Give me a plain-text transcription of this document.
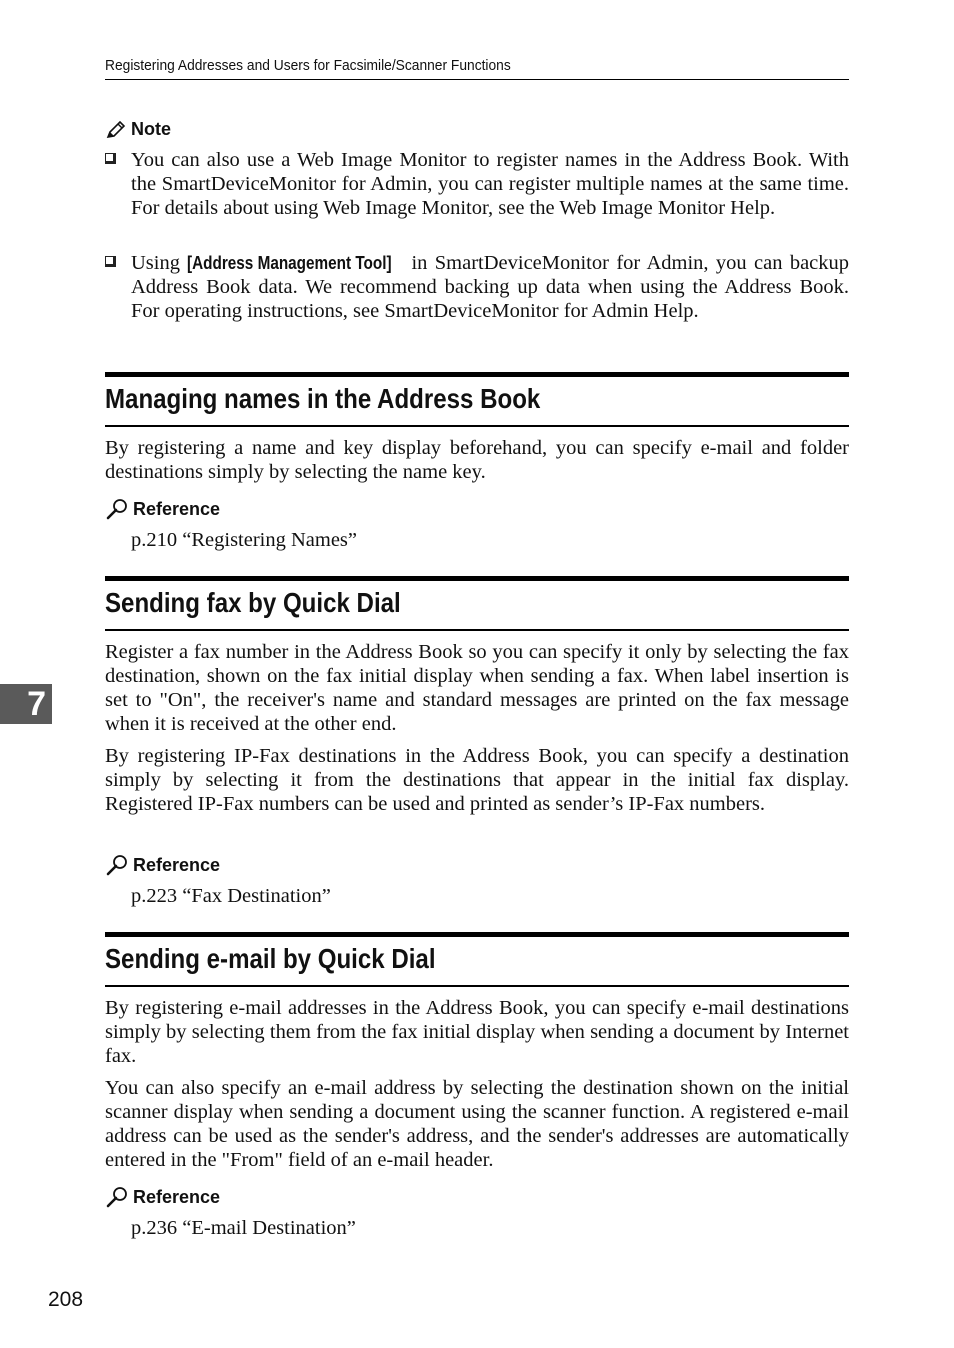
Registering Addresses and Users for Facsimile/Scanner Functions
Note
You can also use a Web Image Monitor to register names in the Address Book. With the SmartDeviceMonitor for Admin, you can register multiple names at the same time. For details about using Web Image Monitor, see the Web Image Monitor Help.
Using [Address Management Tool] in SmartDeviceMonitor for Admin, you can backup Address Book data. We recommend backing up data when using the Address Book. For operating instructions, see SmartDeviceMonitor for Admin Help.
Managing names in the Address Book
By registering a name and key display beforehand, you can specify e-mail and folder destinations simply by selecting the name key.
Reference
p.210 “Registering Names”
Sending fax by Quick Dial
Register a fax number in the Address Book so you can specify it only by selecting the fax destination, shown on the fax initial display when sending a fax. When label insertion is set to "On", the receiver's name and standard messages are printed on the fax message when it is received at the other end.
By registering IP-Fax destinations in the Address Book, you can specify a destination simply by selecting it from the destinations that appear in the initial fax display. Registered IP-Fax numbers can be used and printed as sender’s IP-Fax numbers.
Reference
p.223 “Fax Destination”
Sending e-mail by Quick Dial
By registering e-mail addresses in the Address Book, you can specify e-mail destinations simply by selecting them from the fax initial display when sending a document by Internet fax.
You can also specify an e-mail address by selecting the destination shown on the initial scanner display when sending a document using the scanner function. A registered e-mail address can be used as the sender's address, and the sender's addresses are automatically entered in the "From" field of an e-mail header.
Reference
p.236 “E-mail Destination”
7
208
